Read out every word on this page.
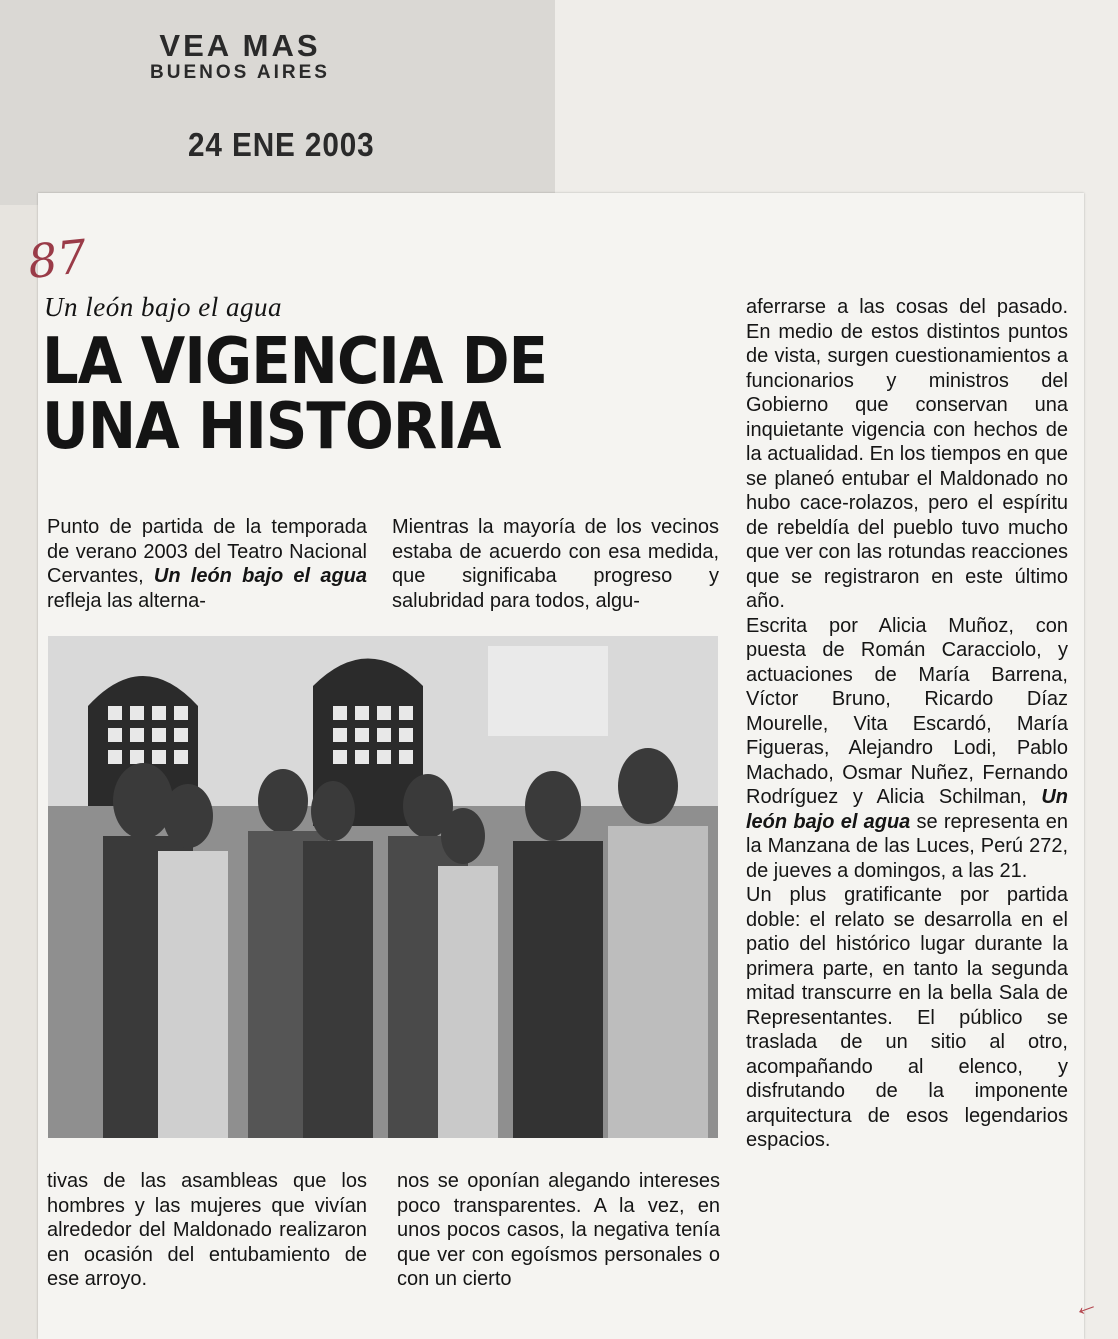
VEA MAS
BUENOS AIRES
24 ENE 2003
87
Un león bajo el agua
LA VIGENCIA DE
UNA HISTORIA
Punto de partida de la temporada de verano 2003 del Teatro Nacional Cervantes, Un león bajo el agua refleja las alterna-
Mientras la mayoría de los vecinos estaba de acuerdo con esa medida, que significaba progreso y salubridad para todos, algu-
tivas de las asambleas que los hombres y las mujeres que vivían alrededor del Maldonado realizaron en ocasión del entubamiento de ese arroyo.
nos se oponían alegando intereses poco transparentes. A la vez, en unos pocos casos, la negativa tenía que ver con egoísmos personales o con un cierto
aferrarse a las cosas del pasado. En medio de estos distintos puntos de vista, surgen cuestionamientos a funcionarios y ministros del Gobierno que conservan una inquietante vigencia con hechos de la actualidad. En los tiempos en que se planeó entubar el Maldonado no hubo cace-rolazos, pero el espíritu de rebeldía del pueblo tuvo mucho que ver con las rotundas reacciones que se registraron en este último año.
Escrita por Alicia Muñoz, con puesta de Román Caracciolo, y actuaciones de María Barrena, Víctor Bruno, Ricardo Díaz Mourelle, Vita Escardó, María Figueras, Alejandro Lodi, Pablo Machado, Osmar Nuñez, Fernando Rodríguez y Alicia Schilman, Un león bajo el agua se representa en la Manzana de las Luces, Perú 272, de jueves a domingos, a las 21.
Un plus gratificante por partida doble: el relato se desarrolla en el patio del histórico lugar durante la primera parte, en tanto la segunda mitad transcurre en la bella Sala de Representantes. El público se traslada de un sitio al otro, acompañando al elenco, y disfrutando de la imponente arquitectura de esos legendarios espacios.
←
